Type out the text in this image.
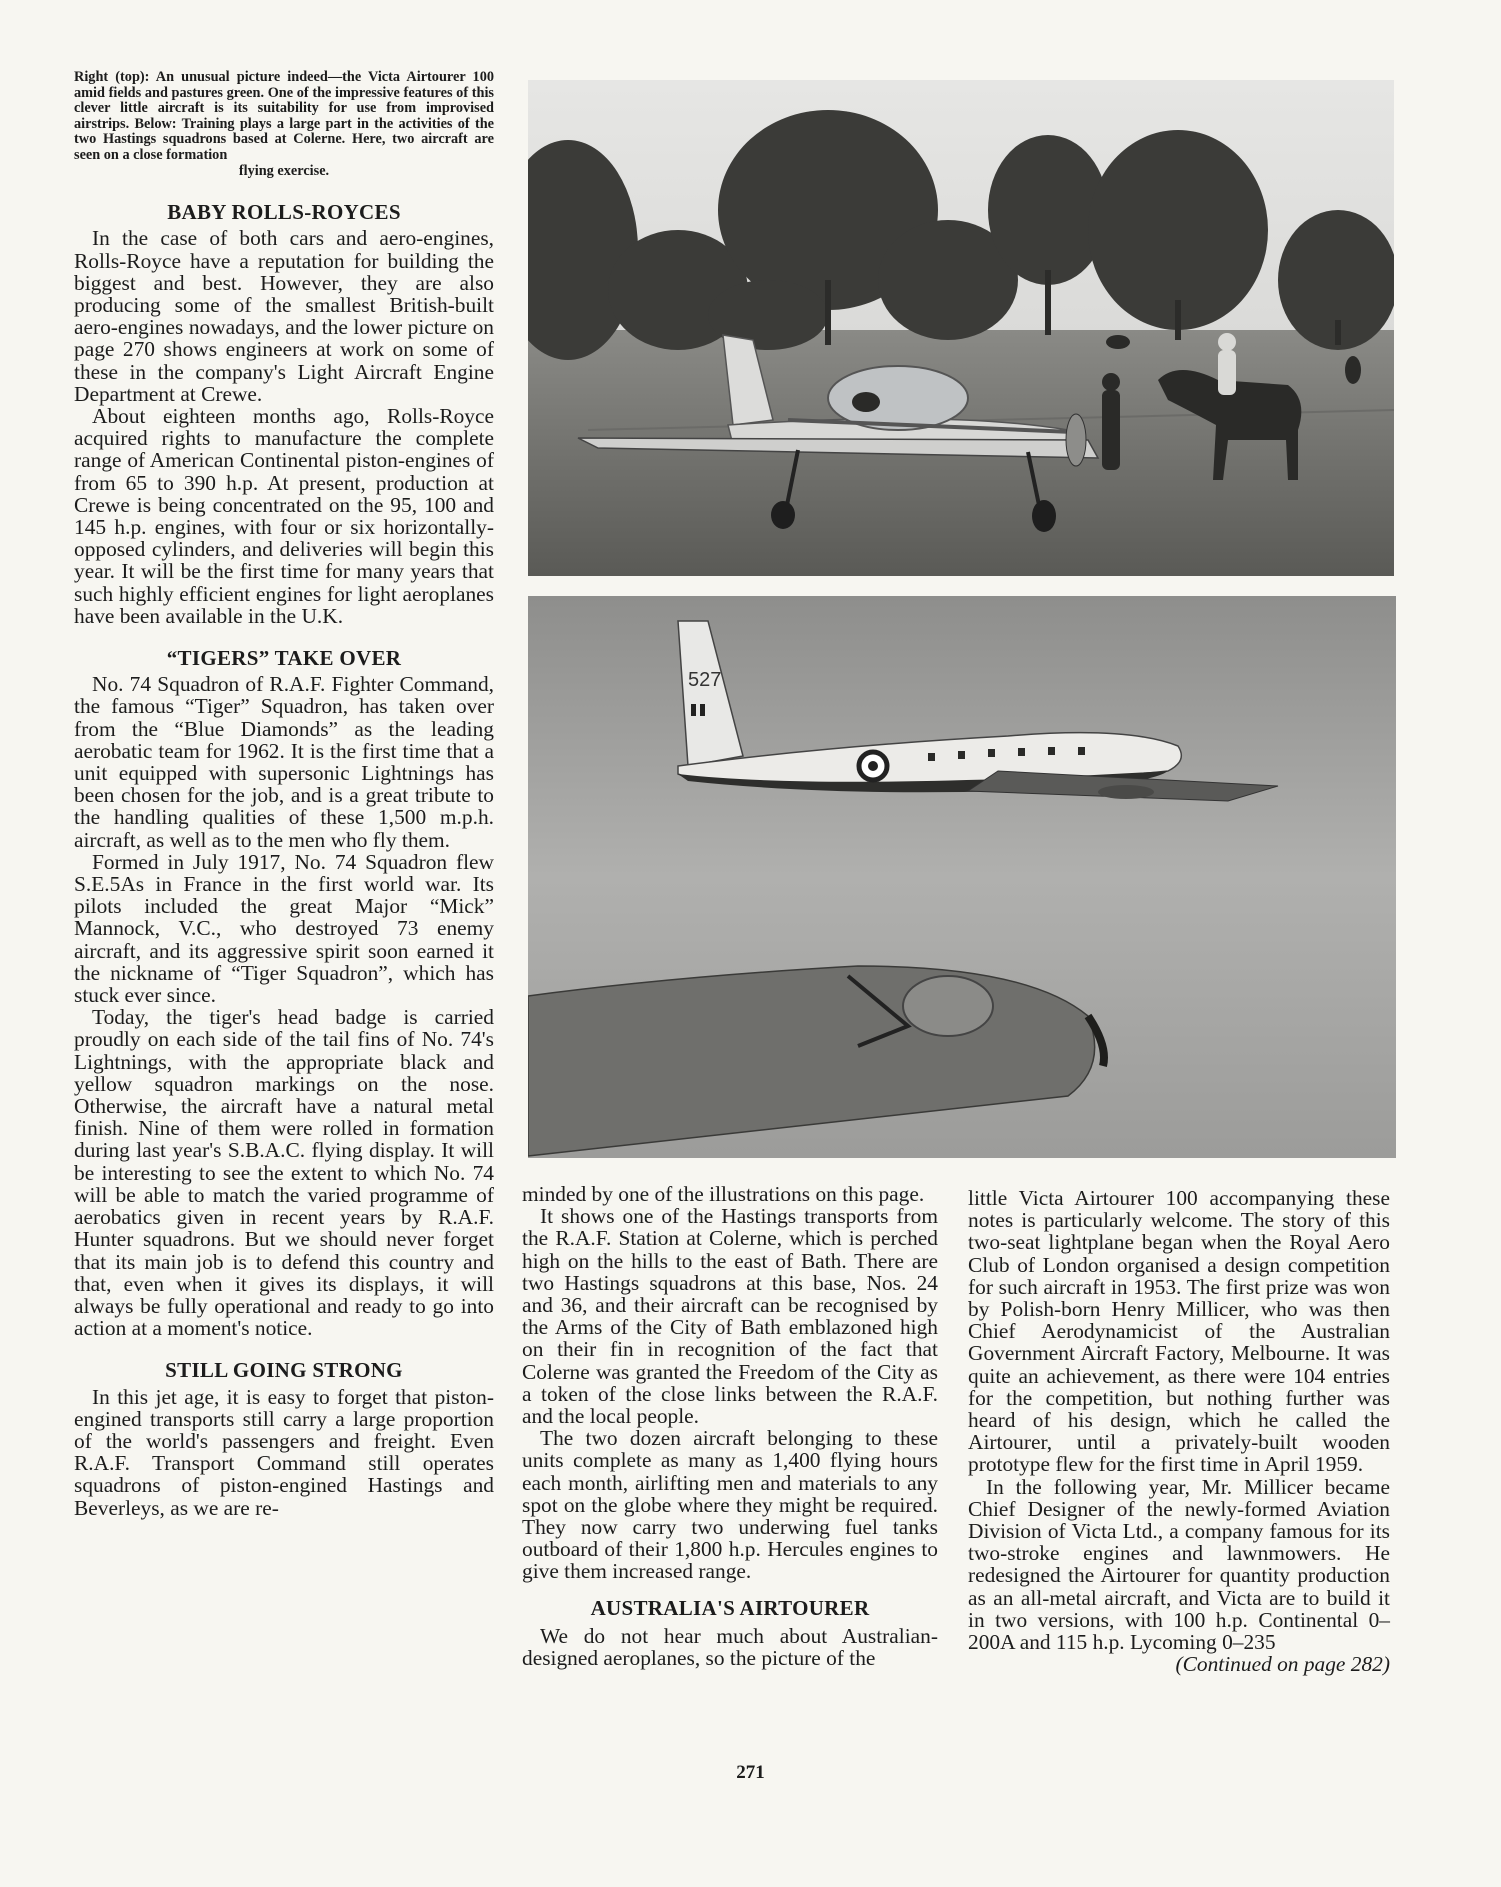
Right (top): An unusual picture indeed—the Victa Airtourer 100 amid fields and pastures green. One of the impressive features of this clever little aircraft is its suitability for use from improvised airstrips. Below: Training plays a large part in the activities of the two Hastings squadrons based at Colerne. Here, two aircraft are seen on a close formation
flying exercise.
BABY ROLLS-ROYCES

In the case of both cars and aero-engines, Rolls-Royce have a reputation for building the biggest and best. However, they are also producing some of the smallest British-built aero-engines nowadays, and the lower picture on page 270 shows engineers at work on some of these in the company's Light Aircraft Engine Department at Crewe.

About eighteen months ago, Rolls-Royce acquired rights to manufacture the complete range of American Continental piston-engines of from 65 to 390 h.p. At present, production at Crewe is being concentrated on the 95, 100 and 145 h.p. engines, with four or six horizontally-opposed cylinders, and deliveries will begin this year. It will be the first time for many years that such highly efficient engines for light aeroplanes have been available in the U.K.

“TIGERS” TAKE OVER

No. 74 Squadron of R.A.F. Fighter Command, the famous “Tiger” Squadron, has taken over from the “Blue Diamonds” as the leading aerobatic team for 1962. It is the first time that a unit equipped with supersonic Lightnings has been chosen for the job, and is a great tribute to the handling qualities of these 1,500 m.p.h. aircraft, as well as to the men who fly them.

Formed in July 1917, No. 74 Squadron flew S.E.5As in France in the first world war. Its pilots included the great Major “Mick” Mannock, V.C., who destroyed 73 enemy aircraft, and its aggressive spirit soon earned it the nickname of “Tiger Squadron”, which has stuck ever since.

Today, the tiger's head badge is carried proudly on each side of the tail fins of No. 74's Lightnings, with the appropriate black and yellow squadron markings on the nose. Otherwise, the aircraft have a natural metal finish. Nine of them were rolled in formation during last year's S.B.A.C. flying display. It will be interesting to see the extent to which No. 74 will be able to match the varied programme of aerobatics given in recent years by R.A.F. Hunter squadrons. But we should never forget that its main job is to defend this country and that, even when it gives its displays, it will always be fully operational and ready to go into action at a moment's notice.

STILL GOING STRONG

In this jet age, it is easy to forget that piston-engined transports still carry a large proportion of the world's passengers and freight. Even R.A.F. Transport Command still operates squadrons of piston-engined Hastings and Beverleys, as we are re-

527

minded by one of the illustrations on this page.

It shows one of the Hastings transports from the R.A.F. Station at Colerne, which is perched high on the hills to the east of Bath. There are two Hastings squadrons at this base, Nos. 24 and 36, and their aircraft can be recognised by the Arms of the City of Bath emblazoned high on their fin in recognition of the fact that Colerne was granted the Freedom of the City as a token of the close links between the R.A.F. and the local people.

The two dozen aircraft belonging to these units complete as many as 1,400 flying hours each month, airlifting men and materials to any spot on the globe where they might be required. They now carry two underwing fuel tanks outboard of their 1,800 h.p. Hercules engines to give them increased range.

AUSTRALIA'S AIRTOURER

We do not hear much about Australian-designed aeroplanes, so the picture of the

little Victa Airtourer 100 accompanying these notes is particularly welcome. The story of this two-seat lightplane began when the Royal Aero Club of London organised a design competition for such aircraft in 1953. The first prize was won by Polish-born Henry Millicer, who was then Chief Aerodynamicist of the Australian Government Aircraft Factory, Melbourne. It was quite an achievement, as there were 104 entries for the competition, but nothing further was heard of his design, which he called the Airtourer, until a privately-built wooden prototype flew for the first time in April 1959.

In the following year, Mr. Millicer became Chief Designer of the newly-formed Aviation Division of Victa Ltd., a company famous for its two-stroke engines and lawnmowers. He redesigned the Airtourer for quantity production as an all-metal aircraft, and Victa are to build it in two versions, with 100 h.p. Continental 0–200A and 115 h.p. Lycoming 0–235

(Continued on page 282)
271
